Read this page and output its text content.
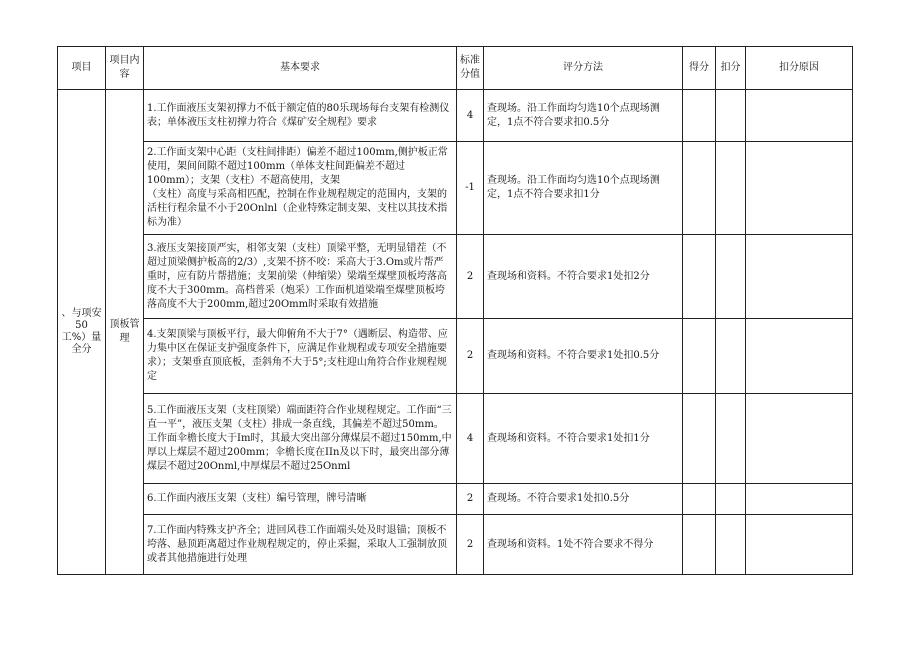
项目	项目内容	基本要求	标准分值	评分方法	得分	扣分	扣分原因
、与项安50
工%）量全分	顶板管理	1.工作面液压支架初撑力不低于额定值的80乐现场每台支架有检测仪表；单体液压支柱初撑力符合《煤矿安全规程》要求	4	查现场。沿工作面均匀选10个点现场测定，1点不符合要求扣0.5分			
		2.工作面支架中心距（支柱间排距）偏差不超过100mm,侧护板正常使用，架间间隙不超过100mm（单体支柱间距偏差不超过100mm）；支架（支柱）不超高使用，支架
（支柱）高度与采高相匹配，控制在作业规程规定的范围内，支架的活柱行程余量不小于20Onlnl（企业特殊定制支架、支柱以其技术指标为准）	-1	查现场。沿工作面均匀选10个点现场测定，1点不符合要求扣1分			
		3.液压支架接顶严实，相邻支架（支柱）顶梁平整，无明显错茬（不超过顶梁侧护板高的2/3）,支架不挤不咬：采高大于3.Om或片帮严重时，应有防片帮措施；支架前梁（伸缩梁）梁端至煤壁顶板垮落高度不大于300mm。高档普采（炮采）工作面机道梁端至煤壁顶板垮落高度不大于200mm,超过20Omm时采取有效措施	2	查现场和资料。不符合要求1处扣2分			
		4.支架顶梁与顶板平行，最大仰俯角不大于7°（遇断层、构造带、应力集中区在保证支护强度条件下，应满足作业规程或专项安全措施要求）；支架垂直顶底板，歪斜角不大于5°;支柱迎山角符合作业规程规定	2	查现场和资料。不符合要求1处扣0.5分			
		5.工作面液压支架（支柱顶梁）端面距符合作业规程规定。工作面“三直一平”，液压支架（支柱）排成一条直线，其偏差不超过50mm。工作面伞檐长度大于Im时，其最大突出部分薄煤层不超过150mm,中厚以上煤层不超过200mm；伞檐长度在IIn及以下时，最突出部分薄煤层不超过20Onml,中厚煤层不超过25Onml	4	查现场和资料。不符合要求1处扣1分			
		6.工作面内液压支架（支柱）编号管理，牌号清晰	2	查现场。不符合要求1处扣0.5分			
		7.工作面内特殊支护齐全；进回风巷工作面端头处及时退锚；顶板不垮落、悬顶距离超过作业规程规定的，停止采掘，采取人工强制放顶或者其他措施进行处理	2	查现场和资料。1处不符合要求不得分			
